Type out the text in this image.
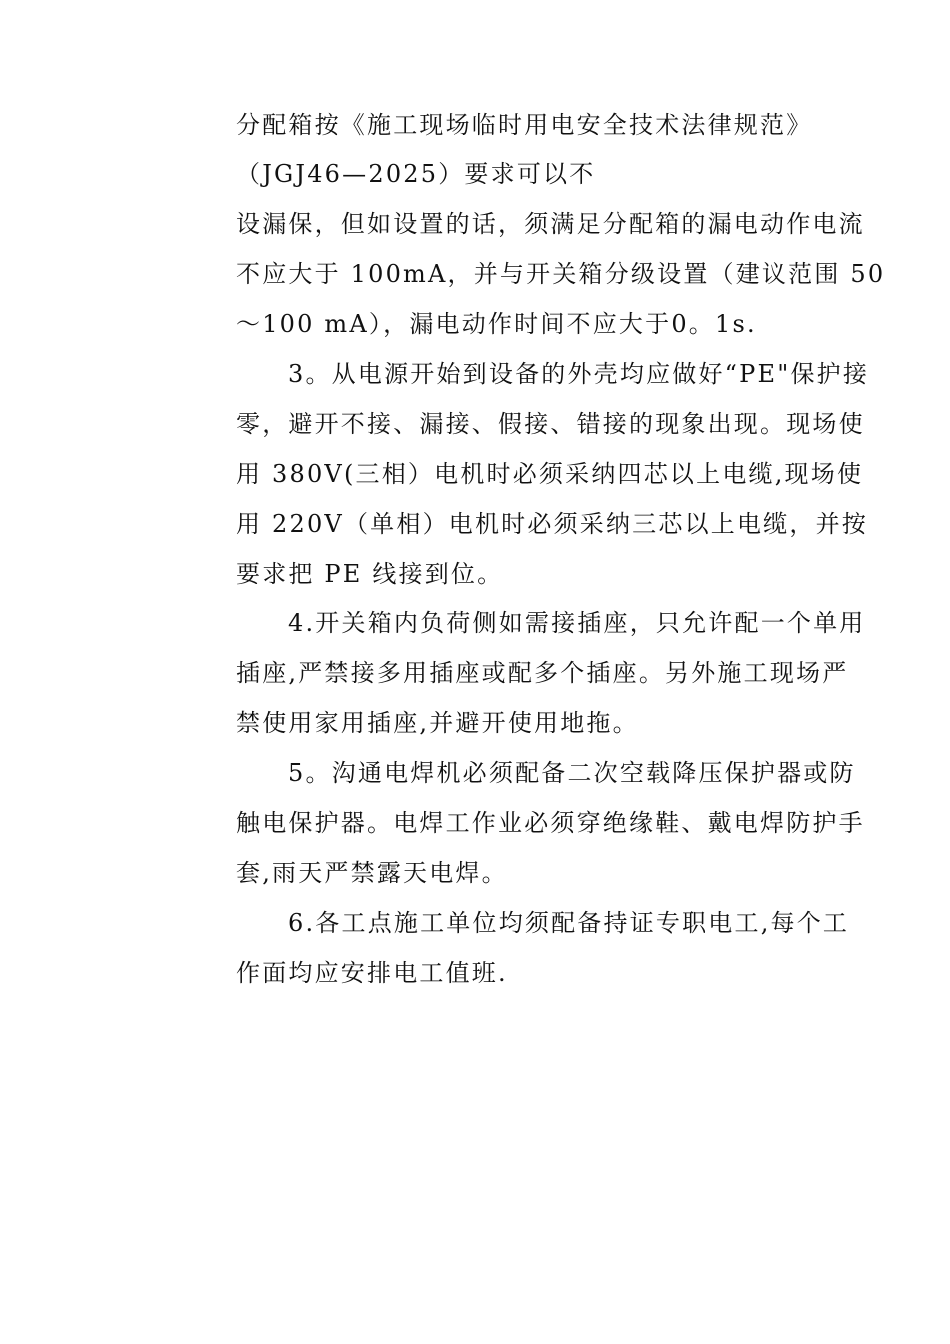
分配箱按《施工现场临时用电安全技术法律规范》
（JGJ46—2025）要求可以不
设漏保，但如设置的话，须满足分配箱的漏电动作电流
不应大于 100mA，并与开关箱分级设置（建议范围 50
～100 mA），漏电动作时间不应大于0。1s.
3。从电源开始到设备的外壳均应做好“PE"保护接
零，避开不接、漏接、假接、错接的现象出现。现场使
用 380V(三相）电机时必须采纳四芯以上电缆,现场使
用 220V（单相）电机时必须采纳三芯以上电缆，并按
要求把 PE 线接到位。
4.开关箱内负荷侧如需接插座，只允许配一个单用
插座,严禁接多用插座或配多个插座。另外施工现场严
禁使用家用插座,并避开使用地拖。
5。沟通电焊机必须配备二次空载降压保护器或防
触电保护器。电焊工作业必须穿绝缘鞋、戴电焊防护手
套,雨天严禁露天电焊。
6.各工点施工单位均须配备持证专职电工,每个工
作面均应安排电工值班.
